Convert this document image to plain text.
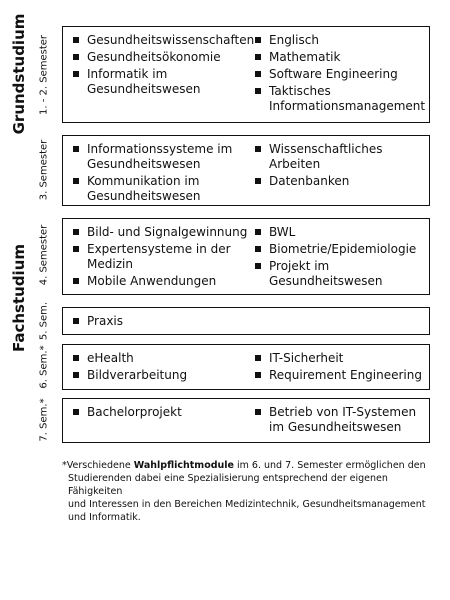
Grundstudium
Fachstudium
1. - 2. Semester
3. Semester
4. Semester
5. Sem.
6. Sem.*
7. Sem.*
Gesundheitswissenschaften
Gesundheitsökonomie
Informatik im Gesundheitswesen
Englisch
Mathematik
Software Engineering
Taktisches Informationsmanagement
Informationssysteme im Gesundheitswesen
Kommunikation im Gesundheitswesen
Wissenschaftliches Arbeiten
Datenbanken
Bild- und Signalgewinnung
Expertensysteme in der Medizin
Mobile Anwendungen
BWL
Biometrie/Epidemiologie
Projekt im Gesundheitswesen
Praxis
eHealth
Bildverarbeitung
IT-Sicherheit
Requirement Engineering
Bachelorprojekt	Betrieb von IT-Systemen im Gesundheitswesen
*Verschiedene Wahlpflichtmodule im 6. und 7. Semester ermöglichen den
Studierenden dabei eine Spezialisierung entsprechend der eigenen Fähigkeiten
und Interessen in den Bereichen Medizintechnik, Gesundheitsmanagement
und Informatik.
